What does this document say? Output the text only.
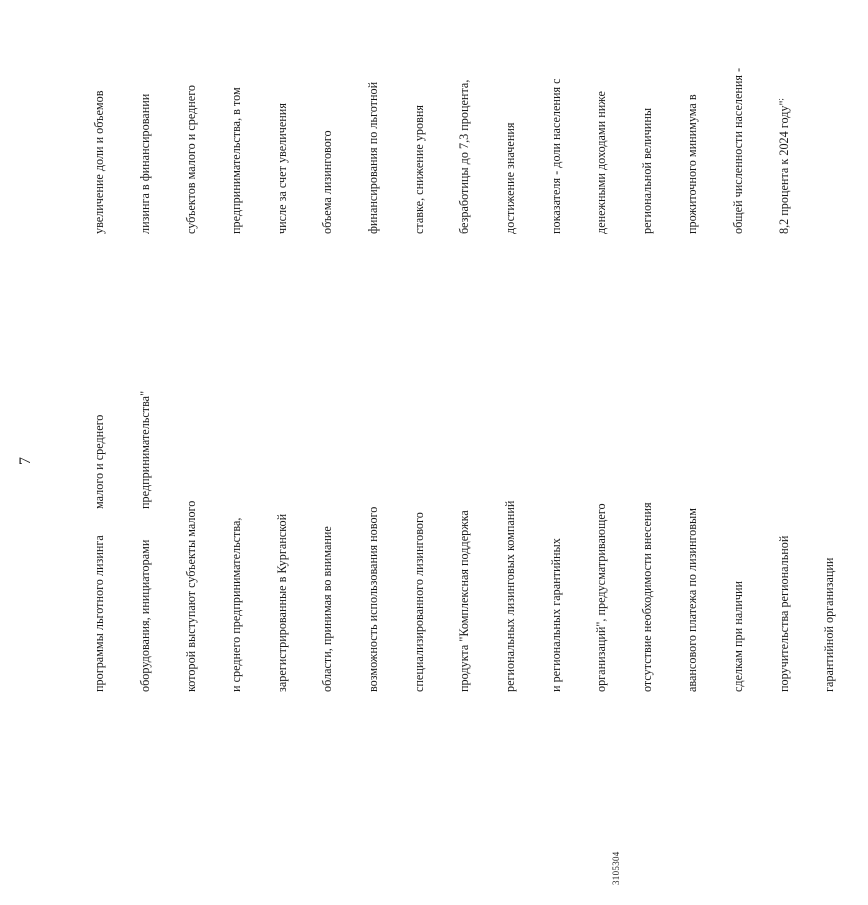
7

программы льготного лизинга

	оборудования, инициаторами

	которой выступают субъекты малого

	и среднего предпринимательства,

	зарегистрированные в Курганской

	области, принимая во внимание

	возможность использования нового

	специализированного лизингового

	продукта "Комплексная поддержка

	региональных лизинговых компаний

	и региональных гарантийных

	организаций", предусматривающего

	отсутствие необходимости внесения

	авансового платежа по лизинговым

	сделкам при наличии

	поручительства региональной

	гарантийной организации

малого и среднего

	предпринимательства"

увеличение доли и объемов

	лизинга в финансировании

	субъектов малого и среднего

	предпринимательства, в том

	числе за счет увеличения

	объема лизингового

	финансирования по льготной

	ставке, снижение уровня

	безработицы до 7,3 процента,

	достижение значения

	показателя - доли населения с

	денежными доходами ниже

	региональной величины

	прожиточного минимума в

	общей численности населения -

	8,2 процента к 2024 году";

3105304
